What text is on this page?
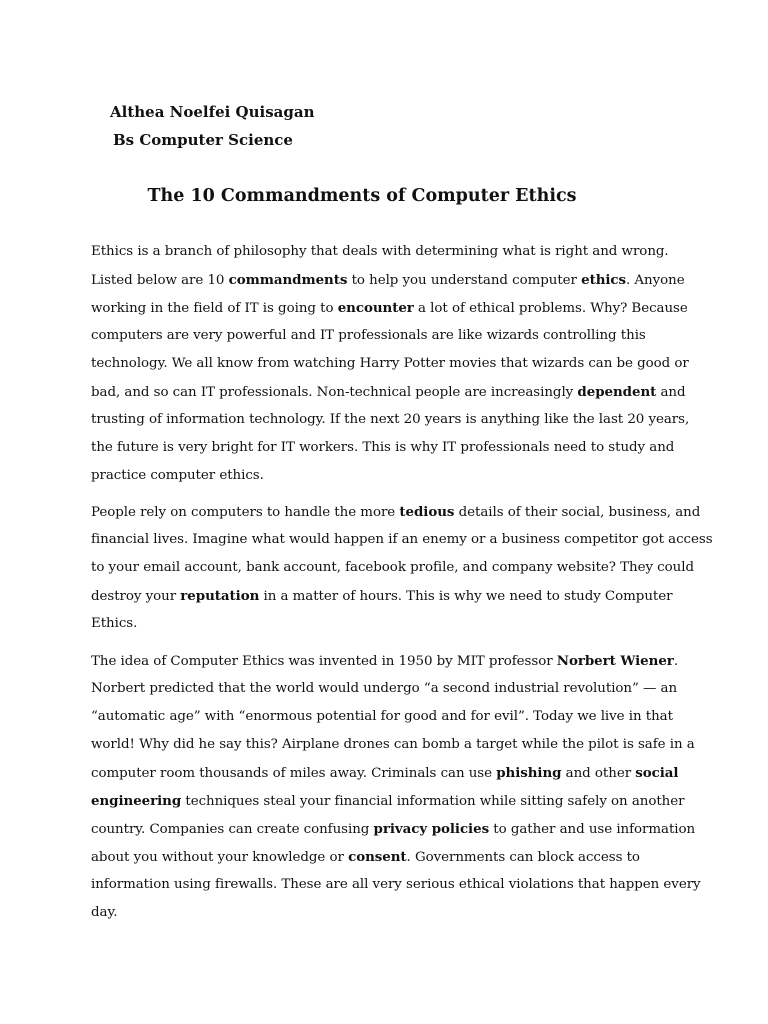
Althea Noelfei Quisagan
Bs Computer Science
The 10 Commandments of Computer Ethics
Ethics is a branch of philosophy that deals with determining what is right and wrong.
Listed below are 10 commandments to help you understand computer ethics. Anyone
working in the field of IT is going to encounter a lot of ethical problems. Why? Because
computers are very powerful and IT professionals are like wizards controlling this
technology. We all know from watching Harry Potter movies that wizards can be good or
bad, and so can IT professionals. Non-technical people are increasingly dependent and
trusting of information technology. If the next 20 years is anything like the last 20 years,
the future is very bright for IT workers. This is why IT professionals need to study and
practice computer ethics.
People rely on computers to handle the more tedious details of their social, business, and
financial lives. Imagine what would happen if an enemy or a business competitor got access
to your email account, bank account, facebook profile, and company website? They could
destroy your reputation in a matter of hours. This is why we need to study Computer
Ethics.
The idea of Computer Ethics was invented in 1950 by MIT professor Norbert Wiener.
Norbert predicted that the world would undergo “a second industrial revolution” — an
“automatic age” with “enormous potential for good and for evil”. Today we live in that
world! Why did he say this? Airplane drones can bomb a target while the pilot is safe in a
computer room thousands of miles away. Criminals can use phishing and other social
engineering techniques steal your financial information while sitting safely on another
country. Companies can create confusing privacy policies to gather and use information
about you without your knowledge or consent. Governments can block access to
information using firewalls. These are all very serious ethical violations that happen every
day.
